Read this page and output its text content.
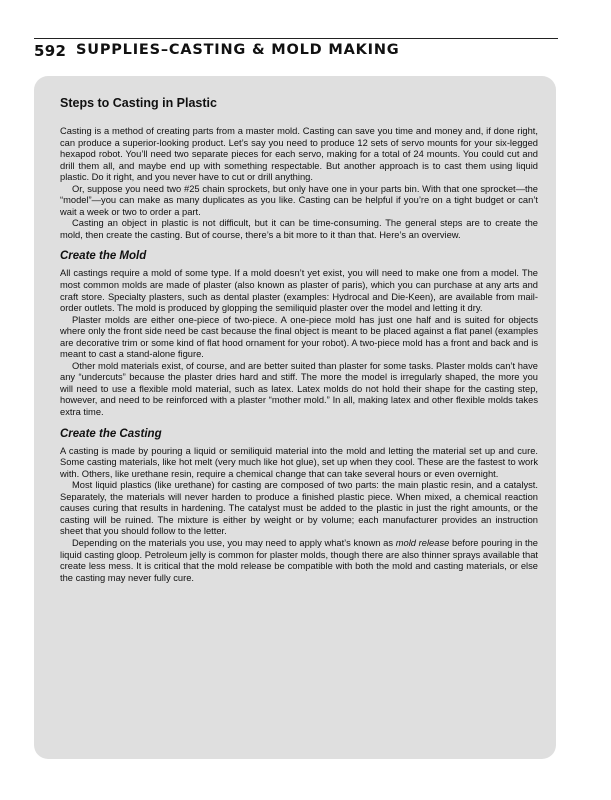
592 SUPPLIES–CASTING & MOLD MAKING
Steps to Casting in Plastic

Casting is a method of creating parts from a master mold. Casting can save you time and money and, if done right, can produce a superior-looking product. Let’s say you need to produce 12 sets of servo mounts for your six-legged hexapod robot. You’ll need two separate pieces for each servo, making for a total of 24 mounts. You could cut and drill them all, and maybe end up with something respectable. But another approach is to cast them using liquid plastic. Do it right, and you never have to cut or drill anything.

Or, suppose you need two #25 chain sprockets, but only have one in your parts bin. With that one sprocket—the “model”—you can make as many duplicates as you like. Casting can be helpful if you’re on a tight budget or can’t wait a week or two to order a part.

Casting an object in plastic is not difficult, but it can be time-consuming. The general steps are to create the mold, then create the casting. But of course, there’s a bit more to it than that. Here’s an overview.

Create the Mold

All castings require a mold of some type. If a mold doesn’t yet exist, you will need to make one from a model. The most common molds are made of plaster (also known as plaster of paris), which you can purchase at any arts and craft store. Specialty plasters, such as dental plaster (examples: Hydrocal and Die-Keen), are available from mail-order outlets. The mold is produced by glopping the semiliquid plaster over the model and letting it dry.

Plaster molds are either one-piece of two-piece. A one-piece mold has just one half and is suited for objects where only the front side need be cast because the final object is meant to be placed against a flat panel (examples are decorative trim or some kind of flat hood ornament for your robot). A two-piece mold has a front and back and is meant to cast a stand-alone figure.

Other mold materials exist, of course, and are better suited than plaster for some tasks. Plaster molds can’t have any “undercuts” because the plaster dries hard and stiff. The more the model is irregularly shaped, the more you will need to use a flexible mold material, such as latex. Latex molds do not hold their shape for the casting step, however, and need to be reinforced with a plaster “mother mold.” In all, making latex and other flexible molds takes extra time.

Create the Casting

A casting is made by pouring a liquid or semiliquid material into the mold and letting the material set up and cure. Some casting materials, like hot melt (very much like hot glue), set up when they cool. These are the fastest to work with. Others, like urethane resin, require a chemical change that can take several hours or even overnight.

Most liquid plastics (like urethane) for casting are composed of two parts: the main plastic resin, and a catalyst. Separately, the materials will never harden to produce a finished plastic piece. When mixed, a chemical reaction causes curing that results in hardening. The catalyst must be added to the plastic in just the right amounts, or the casting will be ruined. The mixture is either by weight or by volume; each manufacturer provides an instruction sheet that you should follow to the letter.

Depending on the materials you use, you may need to apply what’s known as mold release before pouring in the liquid casting gloop. Petroleum jelly is common for plaster molds, though there are also thinner sprays available that create less mess. It is critical that the mold release be compatible with both the mold and casting materials, or else the casting may never fully cure.
